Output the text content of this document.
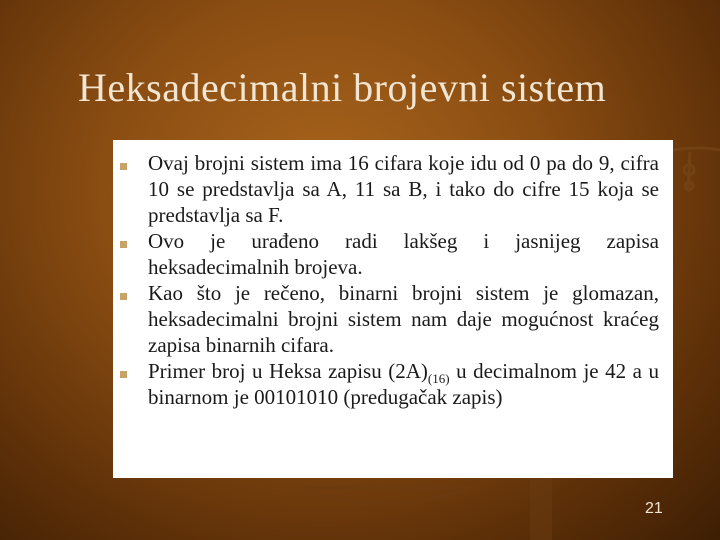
Heksadecimalni brojevni sistem
Ovaj brojni sistem ima 16 cifara koje idu od 0 pa do 9, cifra 10 se predstavlja sa A, 11 sa B, i tako do cifre 15 koja se predstavlja sa F.
Ovo je urađeno radi lakšeg i jasnijeg zapisa heksadecimalnih brojeva.
Kao što je rečeno, binarni brojni sistem je glomazan, heksadecimalni brojni sistem nam daje mogućnost kraćeg zapisa binarnih cifara.
Primer broj u Heksa zapisu $(2A)_{(16)}$ u decimalnom je 42 a u binarnom je 00101010 (predugačak zapis)
21
